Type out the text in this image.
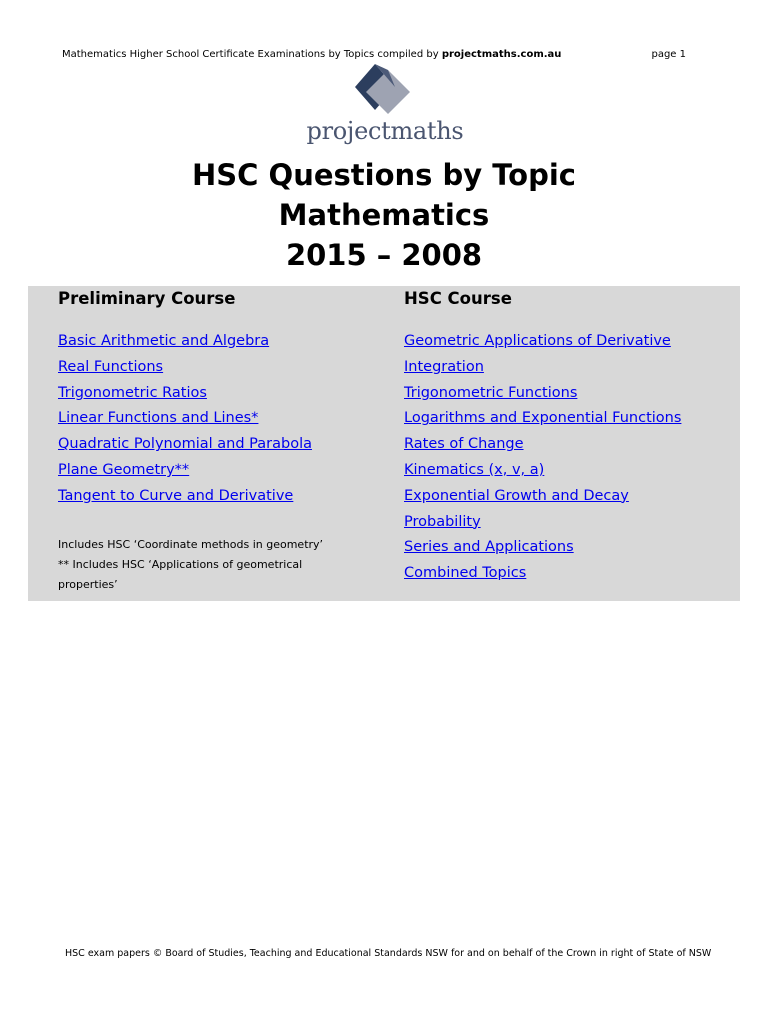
Mathematics Higher School Certificate Examinations by Topics compiled by projectmaths.com.au	page 1
projectmaths
HSC Questions by Topic
Mathematics
2015 – 2008
Preliminary Course
Basic Arithmetic and Algebra
Real Functions
Trigonometric Ratios
Linear Functions and Lines*
Quadratic Polynomial and Parabola
Plane Geometry**
Tangent to Curve and Derivative

Includes HSC ‘Coordinate methods in geometry’

** Includes HSC ‘Applications of geometrical properties’

HSC Course
Geometric Applications of Derivative
Integration
Trigonometric Functions
Logarithms and Exponential Functions
Rates of Change
Kinematics (x, v, a)
Exponential Growth and Decay
Probability
Series and Applications
Combined Topics
HSC exam papers © Board of Studies, Teaching and Educational Standards NSW for and on behalf of the Crown in right of State of NSW
